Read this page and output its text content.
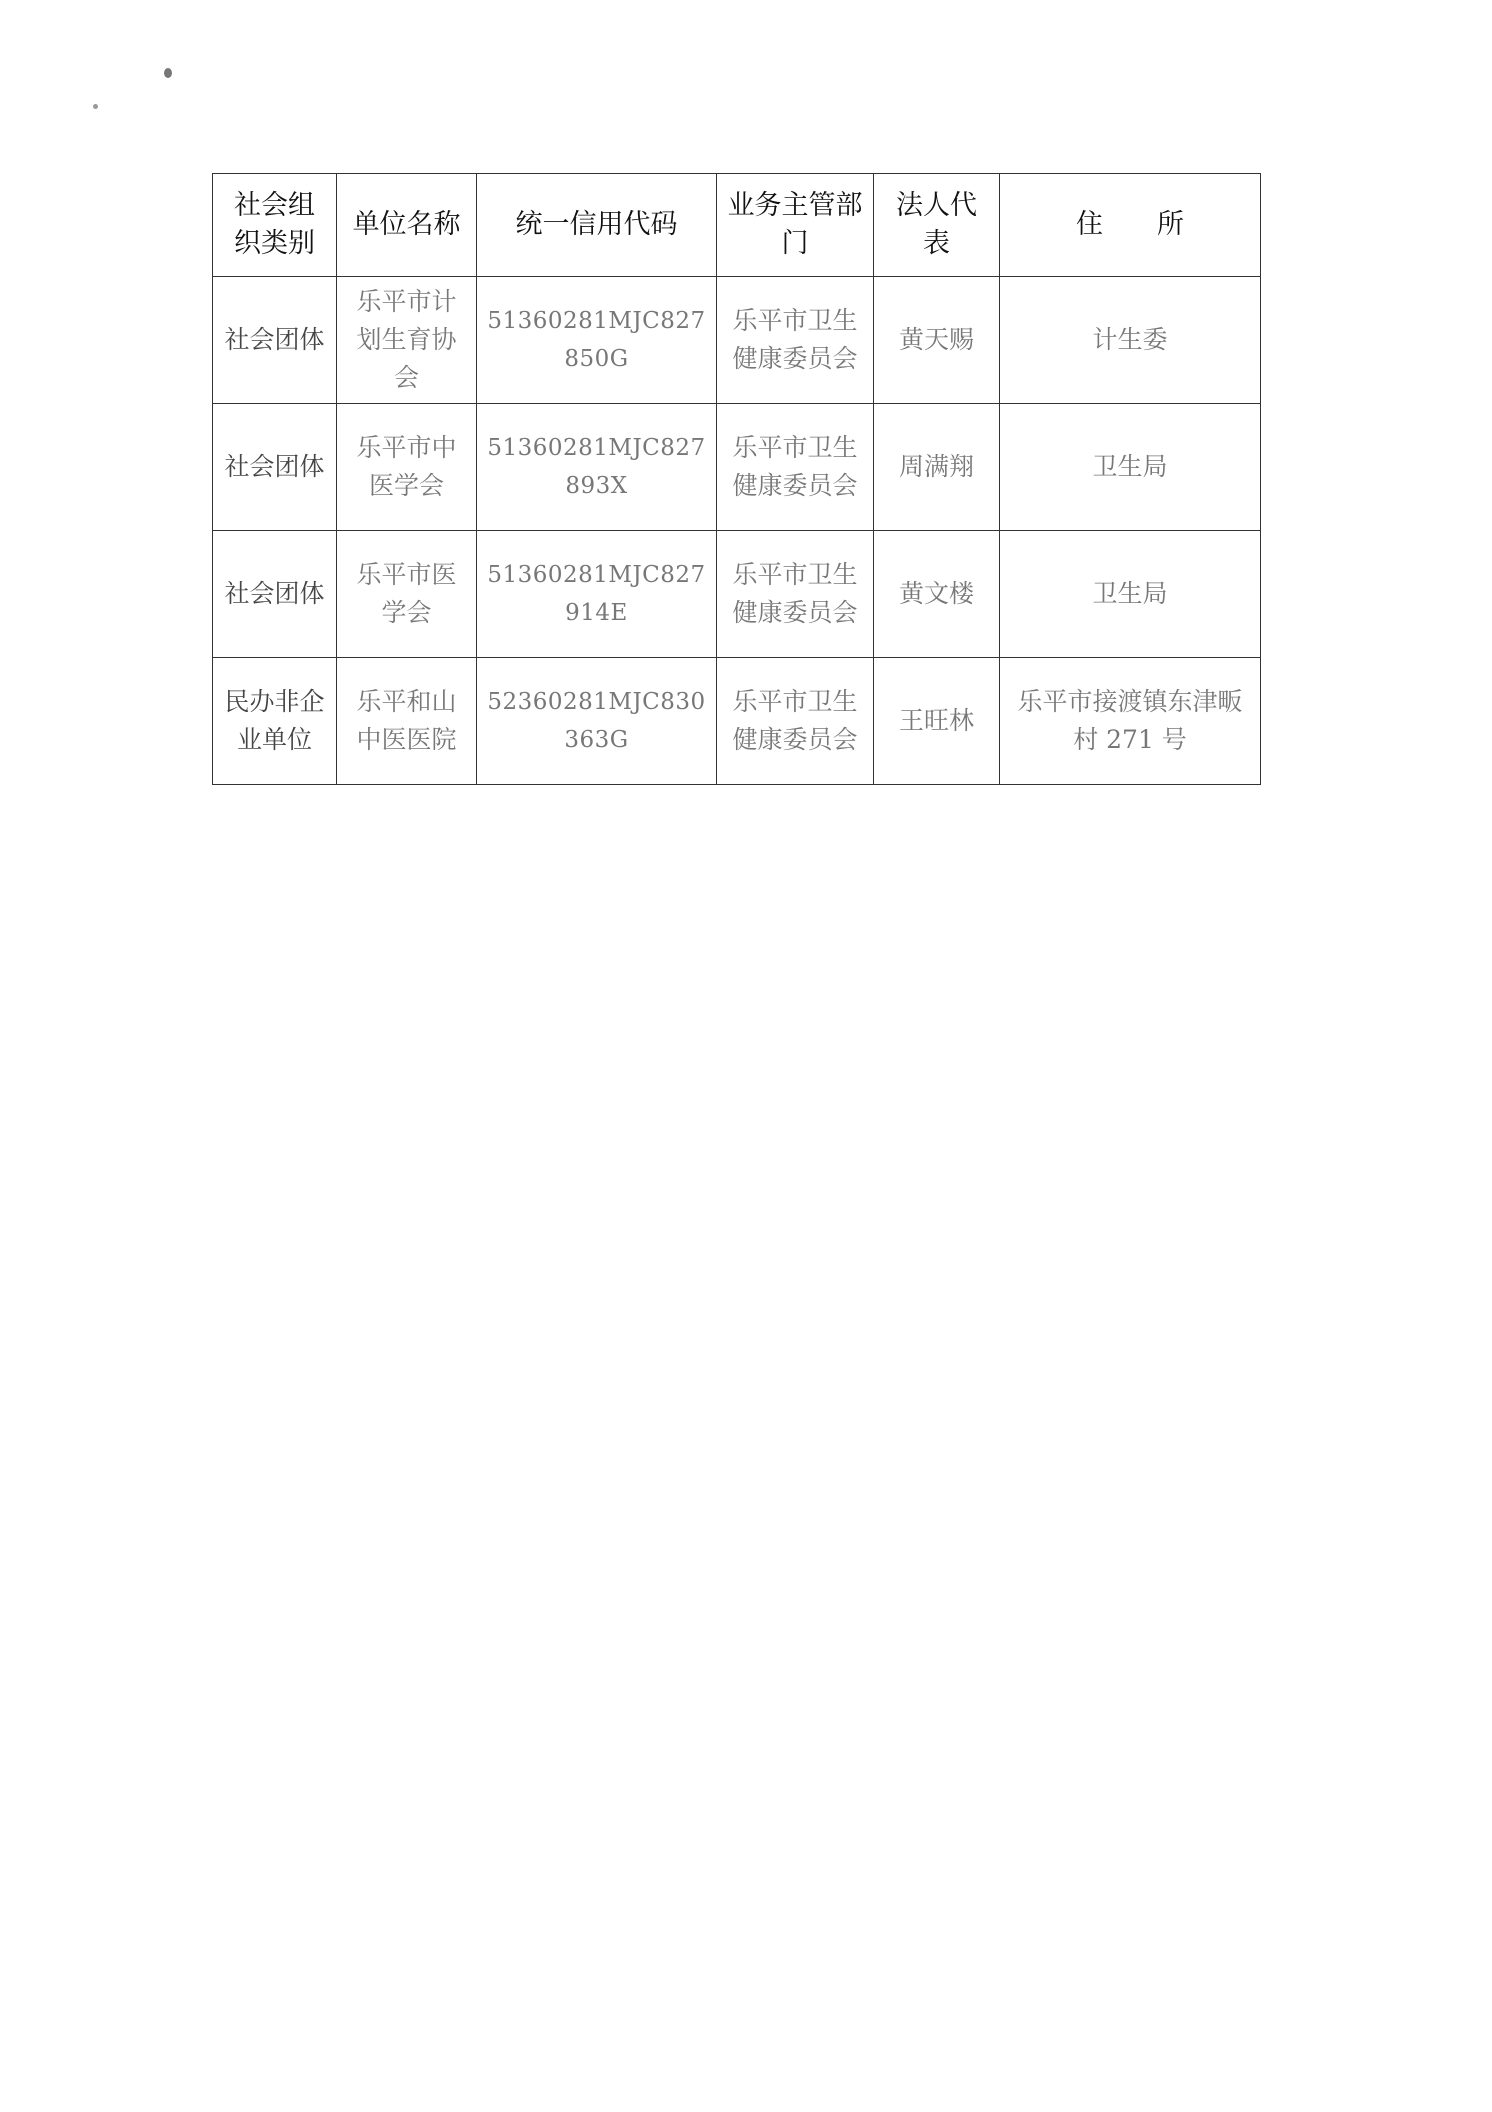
社会组织类别	单位名称	统一信用代码	业务主管部门	法人代表	住　　所
社会团体	乐平市计划生育协会	51360281MJC827850G	乐平市卫生健康委员会	黄天赐	计生委
社会团体	乐平市中医学会	51360281MJC827893X	乐平市卫生健康委员会	周满翔	卫生局
社会团体	乐平市医学会	51360281MJC827914E	乐平市卫生健康委员会	黄文楼	卫生局
民办非企业单位	乐平和山中医医院	52360281MJC830363G	乐平市卫生健康委员会	王旺林	乐平市接渡镇东津畈村 271 号
